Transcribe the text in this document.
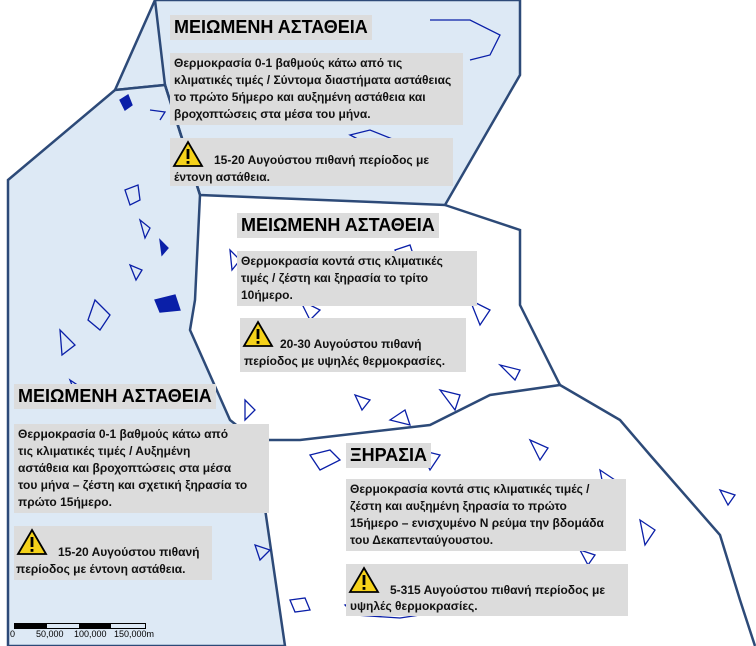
ΜΕΙΩΜΕΝΗ ΑΣΤΑΘΕΙΑ
Θερμοκρασία 0-1 βαθμούς κάτω από τις
κλιματικές τιμές / Σύντομα διαστήματα αστάθειας
το πρώτο 5ήμερο και αυξημένη αστάθεια και
βροχοπτώσεις στα μέσα του μήνα.
15-20 Αυγούστου πιθανή περίοδος με
έντονη αστάθεια.
ΜΕΙΩΜΕΝΗ ΑΣΤΑΘΕΙΑ
Θερμοκρασία κοντά στις κλιματικές
τιμές / ζέστη και ξηρασία το τρίτο
10ήμερο.
20-30 Αυγούστου πιθανή
περίοδος με υψηλές θερμοκρασίες.
ΜΕΙΩΜΕΝΗ ΑΣΤΑΘΕΙΑ
Θερμοκρασία 0-1 βαθμούς κάτω από
τις κλιματικές τιμές / Αυξημένη
αστάθεια και βροχοπτώσεις στα μέσα
του μήνα – ζέστη και σχετική ξηρασία το
πρώτο 15ήμερο.
15-20 Αυγούστου πιθανή
περίοδος με έντονη αστάθεια.
ΞΗΡΑΣΙΑ
Θερμοκρασία κοντά στις κλιματικές τιμές /
ζέστη και αυξημένη ξηρασία το πρώτο
15ήμερο – ενισχυμένο Ν ρεύμα την βδομάδα
του Δεκαπενταύγουστου.
5-315 Αυγούστου πιθανή περίοδος με
υψηλές θερμοκρασίες.
0 50,000 100,000 150,000m
